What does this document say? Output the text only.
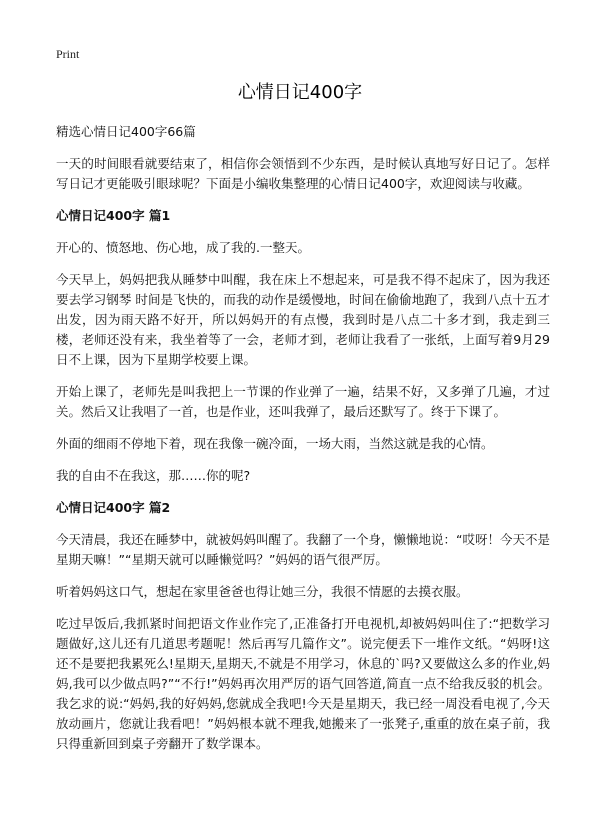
Print
心情日记400字

精选心情日记400字66篇

一天的时间眼看就要结束了，相信你会领悟到不少东西，是时候认真地写好日记了。怎样写日记才更能吸引眼球呢？下面是小编收集整理的心情日记400字，欢迎阅读与收藏。

心情日记400字 篇1

开心的、愤怒地、伤心地，成了我的.一整天。

今天早上，妈妈把我从睡梦中叫醒，我在床上不想起来，可是我不得不起床了，因为我还要去学习钢琴 时间是飞快的，而我的动作是缓慢地，时间在偷偷地跑了，我到八点十五才出发，因为雨天路不好开，所以妈妈开的有点慢，我到时是八点二十多才到，我走到三楼，老师还没有来，我坐着等了一会，老师才到，老师让我看了一张纸，上面写着9月29日不上课，因为下星期学校要上课。

开始上课了，老师先是叫我把上一节课的作业弹了一遍，结果不好，又多弹了几遍，才过关。然后又让我唱了一首，也是作业，还叫我弹了，最后还默写了。终于下课了。

外面的细雨不停地下着，现在我像一碗冷面，一场大雨，当然这就是我的心情。

我的自由不在我这，那……你的呢?

心情日记400字 篇2

今天清晨，我还在睡梦中，就被妈妈叫醒了。我翻了一个身，懒懒地说：“哎呀！今天不是星期天嘛！”“星期天就可以睡懒觉吗？”妈妈的语气很严厉。

听着妈妈这口气，想起在家里爸爸也得让她三分，我很不情愿的去摸衣服。

吃过早饭后,我抓紧时间把语文作业作完了,正准备打开电视机,却被妈妈叫住了:“把数学习题做好,这儿还有几道思考题呢！然后再写几篇作文”。说完便丢下一堆作文纸。“妈呀!这还不是要把我累死么!星期天,星期天,不就是不用学习，休息的`吗?又要做这么多的作业,妈妈,我可以少做点吗?”“不行!”妈妈再次用严厉的语气回答道,简直一点不给我反驳的机会。我乞求的说:“妈妈,我的好妈妈,您就成全我吧!今天是星期天，我已经一周没看电视了,今天放动画片，您就让我看吧！”妈妈根本就不理我,她搬来了一张凳子,重重的放在桌子前，我只得重新回到桌子旁翻开了数学课本。
